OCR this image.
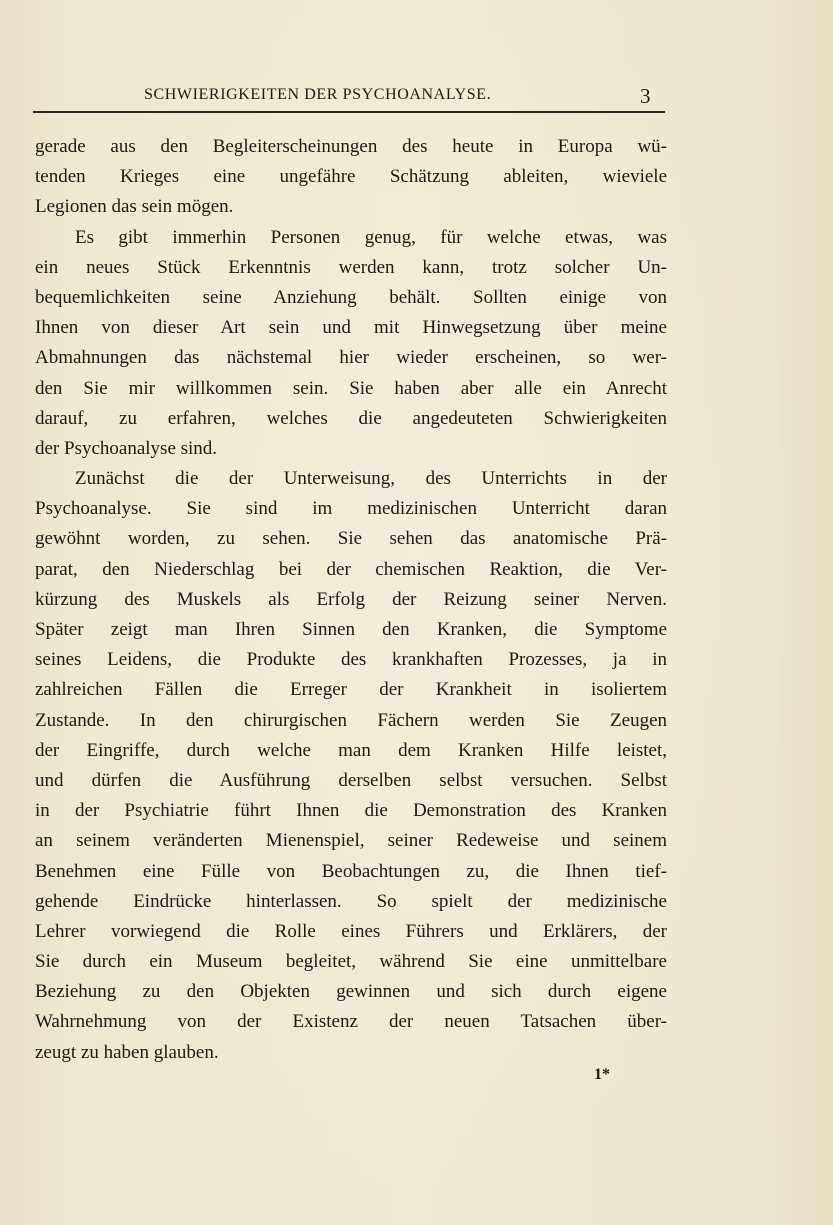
SCHWIERIGKEITEN DER PSYCHOANALYSE.	3
gerade aus den Begleiterscheinungen des heute in Europa wü-
tenden Krieges eine ungefähre Schätzung ableiten, wieviele
Legionen das sein mögen.
Es gibt immerhin Personen genug, für welche etwas, was
ein neues Stück Erkenntnis werden kann, trotz solcher Un-
bequemlichkeiten seine Anziehung behält. Sollten einige von
Ihnen von dieser Art sein und mit Hinwegsetzung über meine
Abmahnungen das nächstemal hier wieder erscheinen, so wer-
den Sie mir willkommen sein. Sie haben aber alle ein Anrecht
darauf, zu erfahren, welches die angedeuteten Schwierigkeiten
der Psychoanalyse sind.
Zunächst die der Unterweisung, des Unterrichts in der
Psychoanalyse. Sie sind im medizinischen Unterricht daran
gewöhnt worden, zu sehen. Sie sehen das anatomische Prä-
parat, den Niederschlag bei der chemischen Reaktion, die Ver-
kürzung des Muskels als Erfolg der Reizung seiner Nerven.
Später zeigt man Ihren Sinnen den Kranken, die Symptome
seines Leidens, die Produkte des krankhaften Prozesses, ja in
zahlreichen Fällen die Erreger der Krankheit in isoliertem
Zustande. In den chirurgischen Fächern werden Sie Zeugen
der Eingriffe, durch welche man dem Kranken Hilfe leistet,
und dürfen die Ausführung derselben selbst versuchen. Selbst
in der Psychiatrie führt Ihnen die Demonstration des Kranken
an seinem veränderten Mienenspiel, seiner Redeweise und seinem
Benehmen eine Fülle von Beobachtungen zu, die Ihnen tief-
gehende Eindrücke hinterlassen. So spielt der medizinische
Lehrer vorwiegend die Rolle eines Führers und Erklärers, der
Sie durch ein Museum begleitet, während Sie eine unmittelbare
Beziehung zu den Objekten gewinnen und sich durch eigene
Wahrnehmung von der Existenz der neuen Tatsachen über-
zeugt zu haben glauben.
1*
